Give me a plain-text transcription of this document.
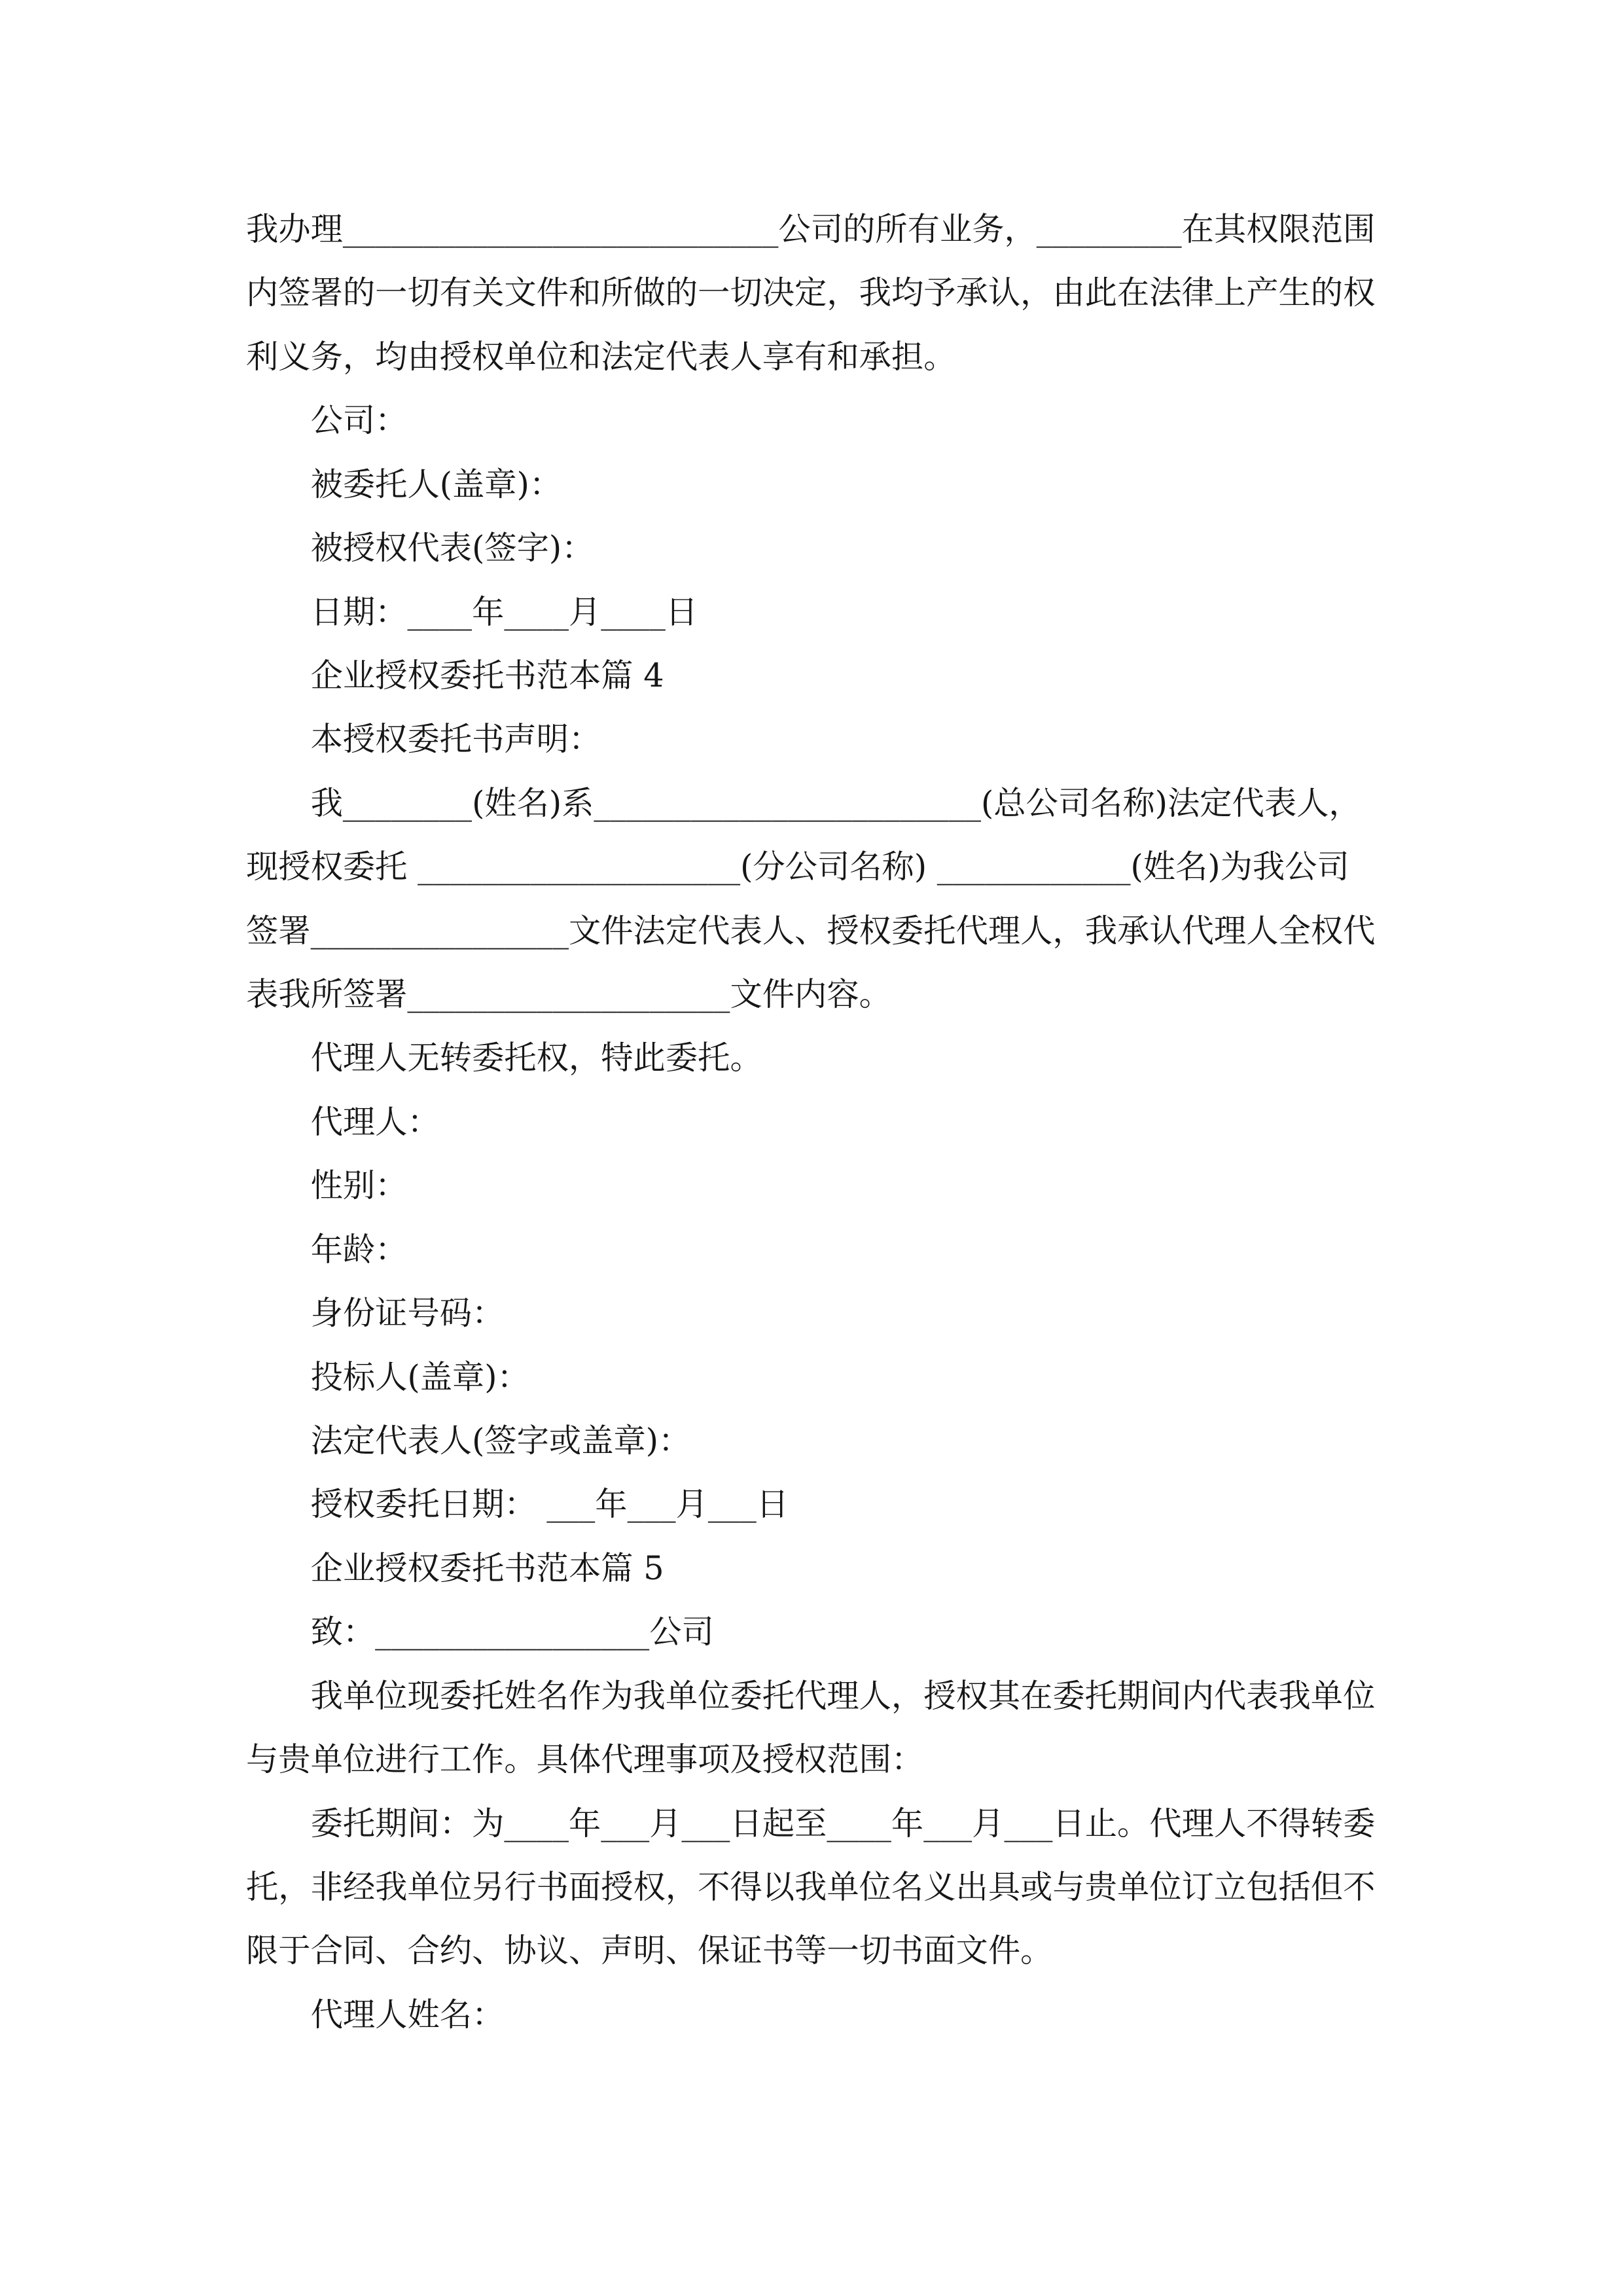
我办理___________________________公司的所有业务，_________在其权限范围
内签署的一切有关文件和所做的一切决定，我均予承认，由此在法律上产生的权
利义务，均由授权单位和法定代表人享有和承担。
公司：
被委托人(盖章)：
被授权代表(签字)：
日期：____年____月____日
企业授权委托书范本篇 4
本授权委托书声明：
我________(姓名)系________________________(总公司名称)法定代表人，
现授权委托 ____________________(分公司名称) ____________(姓名)为我公司
签署________________文件法定代表人、授权委托代理人，我承认代理人全权代
表我所签署____________________文件内容。
代理人无转委托权，特此委托。
代理人：
性别：
年龄：
身份证号码：
投标人(盖章)：
法定代表人(签字或盖章)：
授权委托日期： ___年___月___日
企业授权委托书范本篇 5
致：_________________公司
我单位现委托姓名作为我单位委托代理人，授权其在委托期间内代表我单位
与贵单位进行工作。具体代理事项及授权范围：
委托期间：为____年___月___日起至____年___月___日止。代理人不得转委
托，非经我单位另行书面授权，不得以我单位名义出具或与贵单位订立包括但不
限于合同、合约、协议、声明、保证书等一切书面文件。
代理人姓名：
